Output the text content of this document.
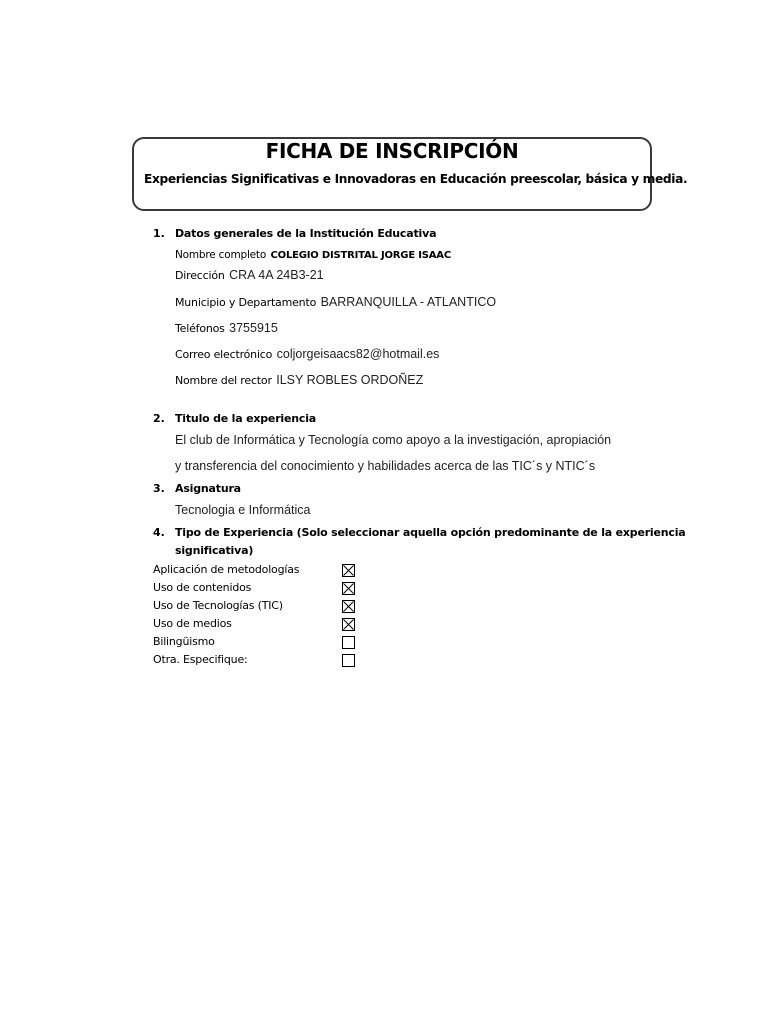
FICHA DE INSCRIPCIÓN
Experiencias Significativas e Innovadoras en Educación preescolar, básica y media.
1. Datos generales de la Institución Educativa
Nombre completo COLEGIO DISTRITAL JORGE ISAAC
Dirección CRA 4A 24B3-21
Municipio y Departamento BARRANQUILLA - ATLANTICO
Teléfonos 3755915
Correo electrónico coljorgeisaacs82@hotmail.es
Nombre del rector ILSY ROBLES ORDOÑEZ
2. Titulo de la experiencia
El club de Informática y Tecnología como apoyo a la investigación, apropiación
y transferencia del conocimiento y habilidades acerca de las TIC´s y NTIC´s
3. Asignatura
Tecnologia e Informática
4. Tipo de Experiencia (Solo seleccionar aquella opción predominante de la experiencia
significativa)
Aplicación de metodologías
Uso de contenidos
Uso de Tecnologías (TIC)
Uso de medios
Bilingüismo
Otra. Especifique:
